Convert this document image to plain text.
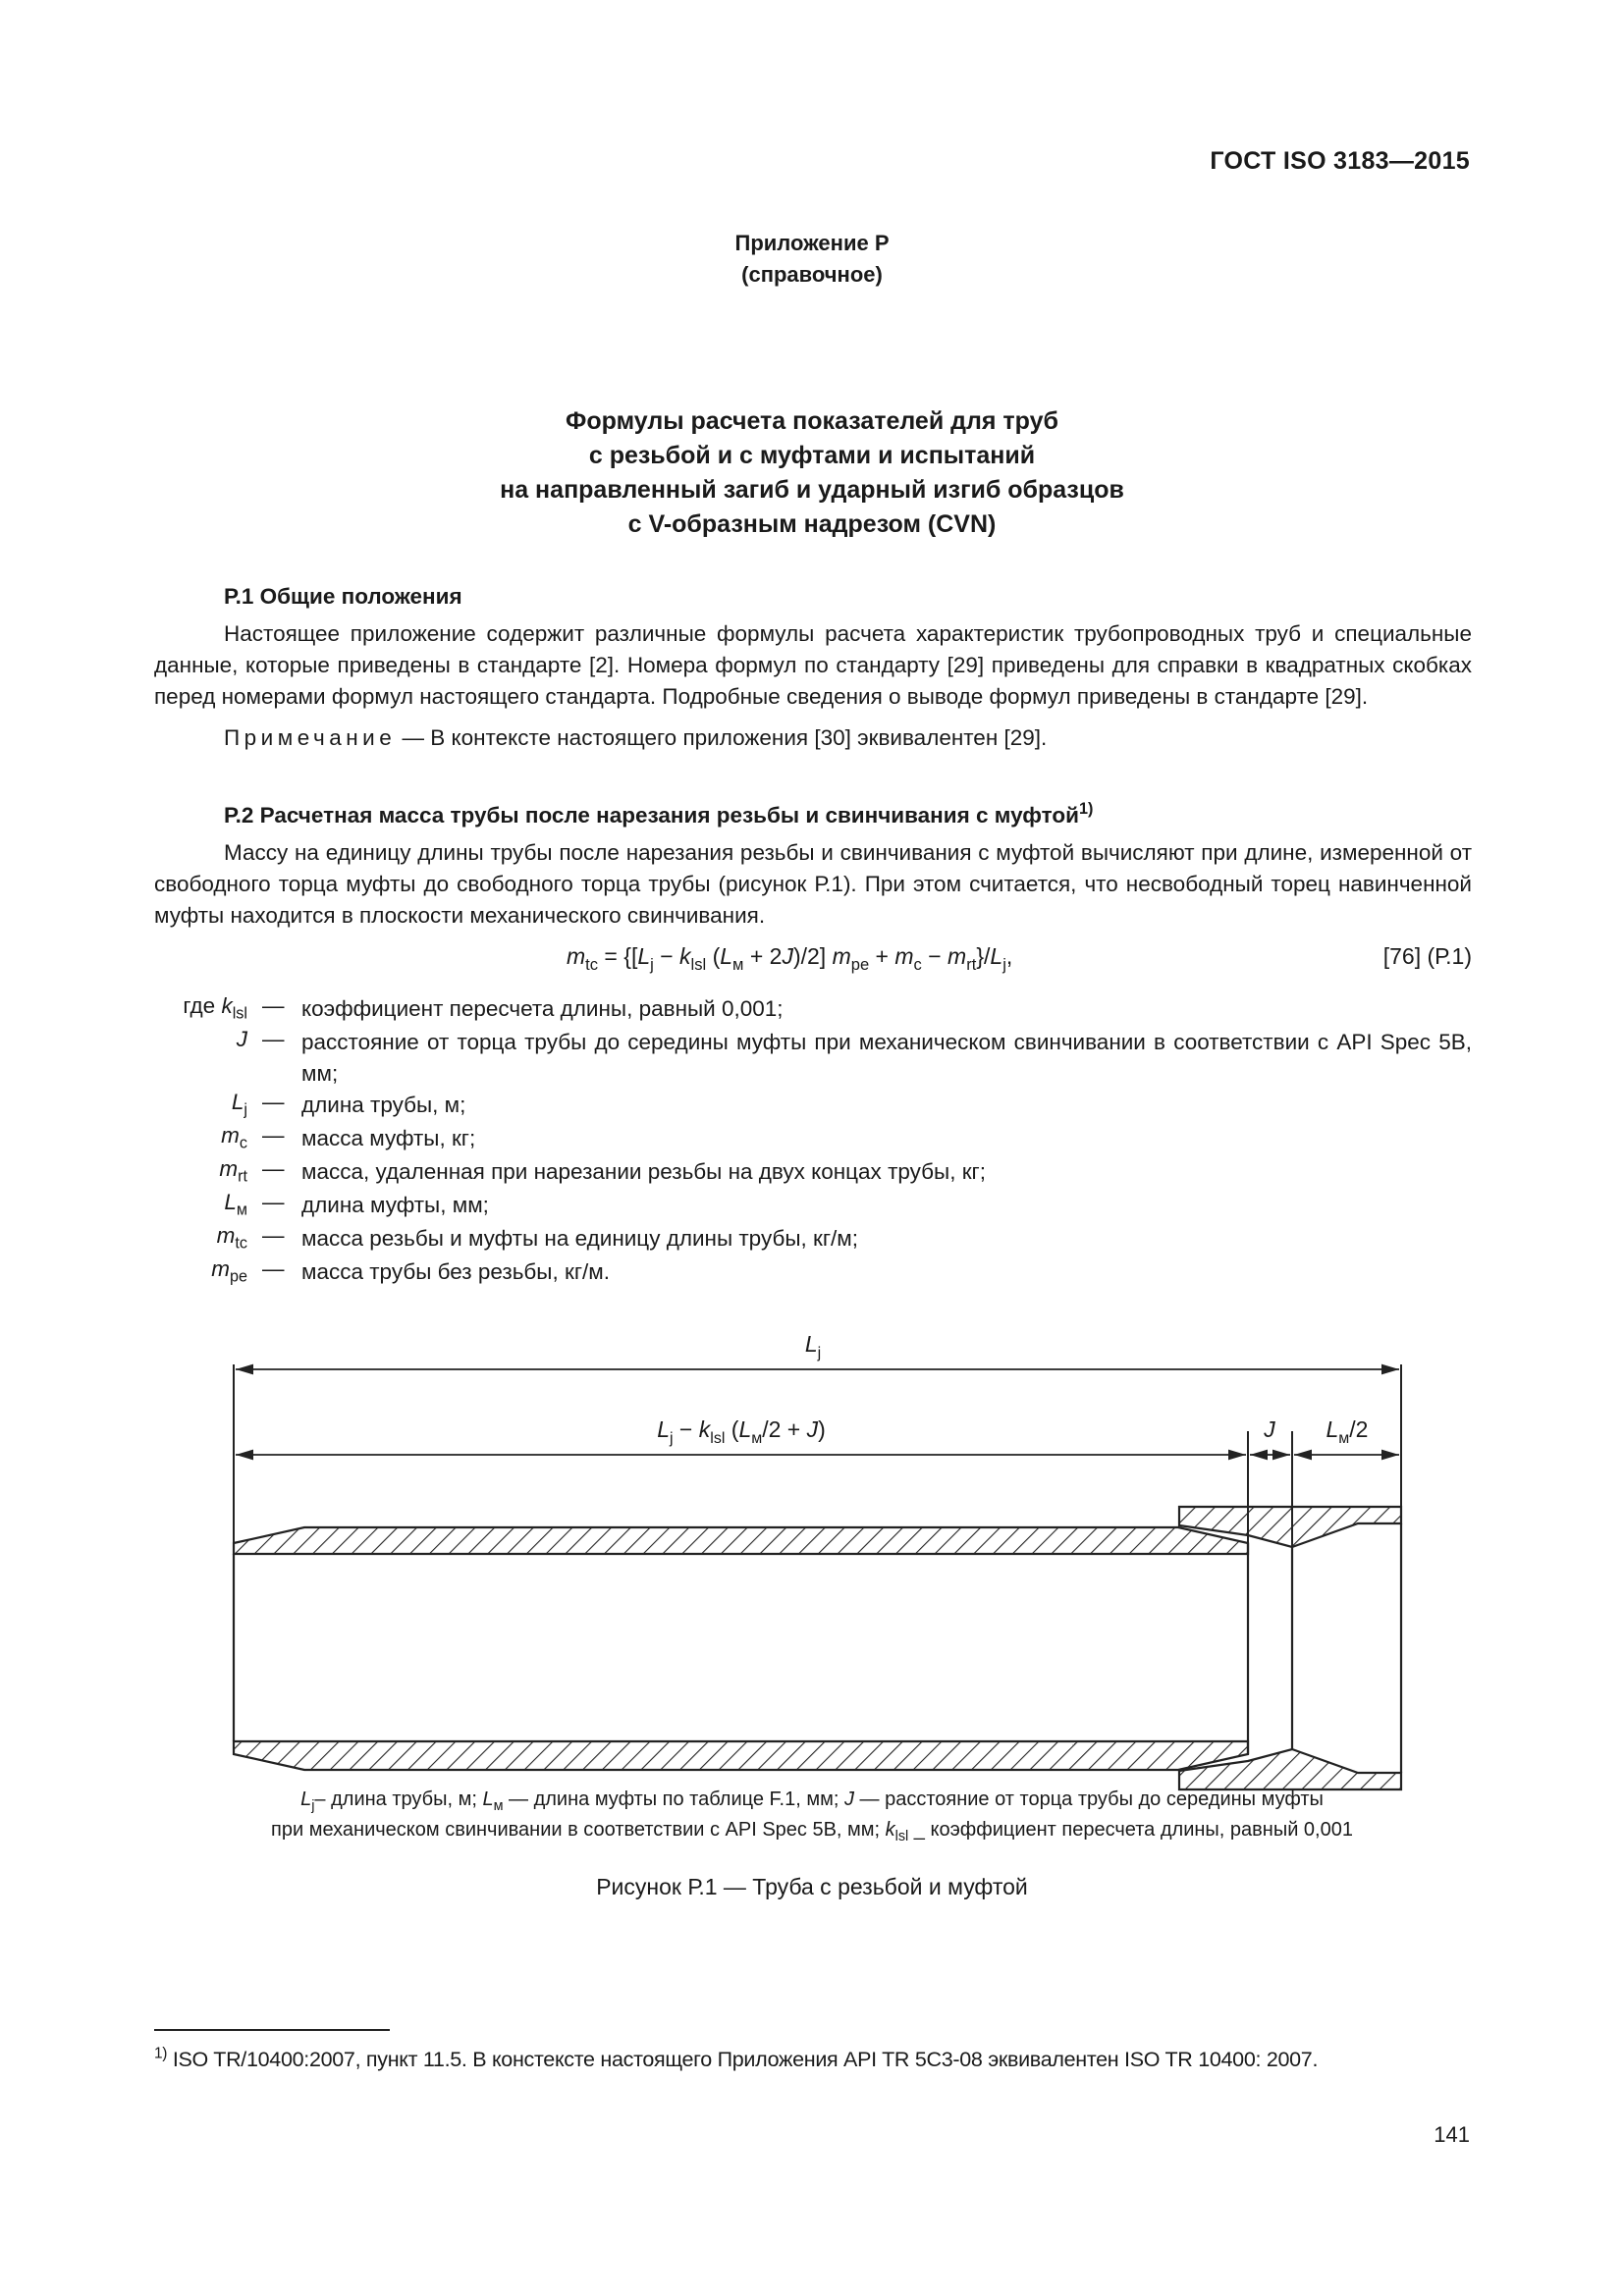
ГОСТ ISO 3183—2015
Приложение Р
(справочное)
Формулы расчета показателей для труб
с резьбой и с муфтами и испытаний
на направленный загиб и ударный изгиб образцов
с V-образным надрезом (CVN)
Р.1 Общие положения

Настоящее приложение содержит различные формулы расчета характеристик трубопроводных труб и специальные данные, которые приведены в стандарте [2]. Номера формул по стандарту [29] приведены для справки в квадратных скобках перед номерами формул настоящего стандарта. Подробные сведения о выводе формул приведены в стандарте [29].

Примечание — В контексте настоящего приложения [30] эквивалентен [29].

Р.2 Расчетная масса трубы после нарезания резьбы и свинчивания с муфтой$^{1)}$

Массу на единицу длины трубы после нарезания резьбы и свинчивания с муфтой вычисляют при длине, измеренной от свободного торца муфты до свободного торца трубы (рисунок Р.1). При этом считается, что несвободный торец навинченной муфты находится в плоскости механического свинчивания.

$m_{tc} = \{[L_j - k_{lsl}$ $(L_м + 2J)/2$] $m_{pe} + m_c - m_{rt}\}/L_j$,	[76] (Р.1)
где $k_{lsl}$ — коэффициент пересчета длины, равный 0,001;
J — расстояние от торца трубы до середины муфты при механическом свинчивании в соответствии с API Spec 5B, мм;
$L_j$ — длина трубы, м;
$m_c$ — масса муфты, кг;
$m_{rt}$ — масса, удаленная при нарезании резьбы на двух концах трубы, кг;
$L_м$ — длина муфты, мм;
$m_{tc}$ — масса резьбы и муфты на единицу длины трубы, кг/м;
$m_{pe}$ — масса трубы без резьбы, кг/м.
$L_j$
$L_j - k_{lsl}$ $(L_м/2 + J)$	J $L_м/2$
$L_j-$ длина трубы, м; $L_м$ — длина муфты по таблице F.1, мм; J — расстояние от торца трубы до середины муфты
при механическом свинчивании в соответствии с API Spec 5B, мм; $k_{lsl}$ _ коэффициент пересчета длины, равный 0,001
Рисунок Р.1 — Труба с резьбой и муфтой
$^{1)}$ ISO TR/10400:2007, пункт 11.5. В констексте настоящего Приложения API TR 5C3-08 эквивалентен ISO TR 10400: 2007.
141
